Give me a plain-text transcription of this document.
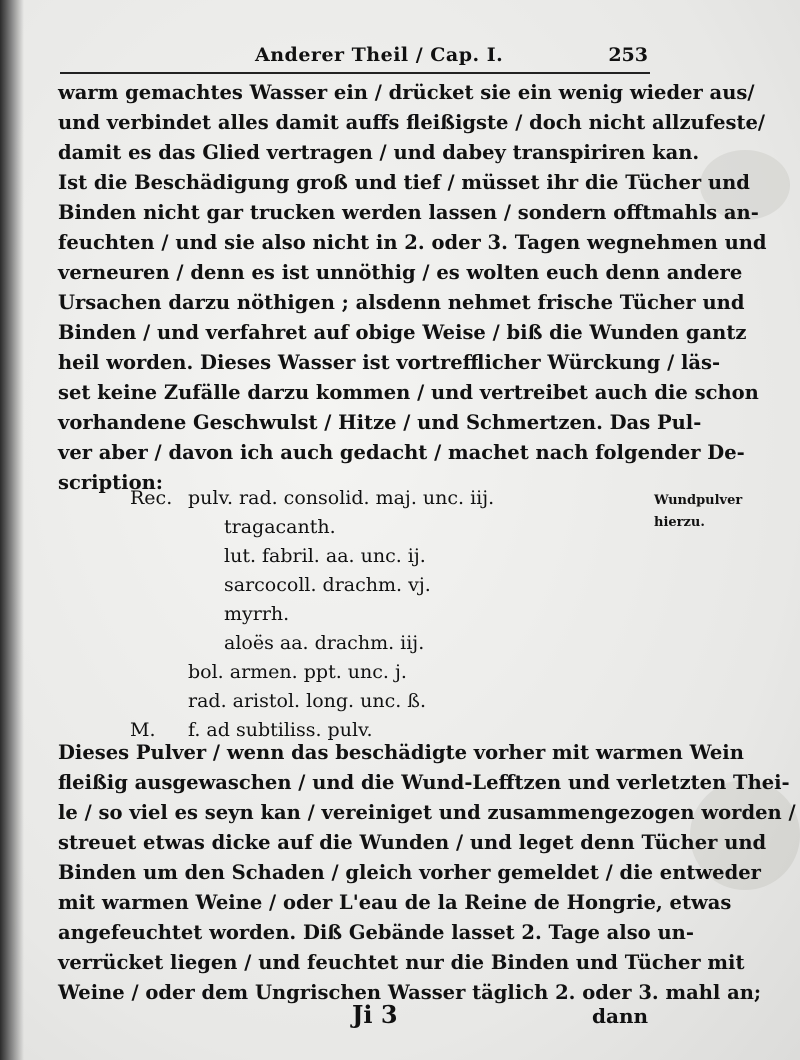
Anderer Theil / Cap. I.	253
warm gemachtes Wasser ein / drücket sie ein wenig wieder aus/
und verbindet alles damit auffs fleißigste / doch nicht allzufeste/
damit es das Glied vertragen / und dabey transpiriren kan.
Ist die Beschädigung groß und tief / müsset ihr die Tücher und
Binden nicht gar trucken werden lassen / sondern offtmahls an-
feuchten / und sie also nicht in 2. oder 3. Tagen wegnehmen und
verneuren / denn es ist unnöthig / es wolten euch denn andere
Ursachen darzu nöthigen ; alsdenn nehmet frische Tücher und
Binden / und verfahret auf obige Weise / biß die Wunden gantz
heil worden. Dieses Wasser ist vortrefflicher Würckung / läs-
set keine Zufälle darzu kommen / und vertreibet auch die schon
vorhandene Geschwulst / Hitze / und Schmertzen. Das Pul-
ver aber / davon ich auch gedacht / machet nach folgender De-
scription:
Rec. pulv. rad. consolid. maj. unc. iij.
tragacanth.
lut. fabril. aa. unc. ij.
sarcocoll. drachm. vj.
myrrh.
aloës aa. drachm. iij.
bol. armen. ppt. unc. j.
rad. aristol. long. unc. ß.
M. f. ad subtiliss. pulv.
Dieses Pulver / wenn das beschädigte vorher mit warmen Wein
fleißig ausgewaschen / und die Wund-Lefftzen und verletzten Thei-
le / so viel es seyn kan / vereiniget und zusammengezogen worden /
streuet etwas dicke auf die Wunden / und leget denn Tücher und
Binden um den Schaden / gleich vorher gemeldet / die entweder
mit warmen Weine / oder L'eau de la Reine de Hongrie, etwas
angefeuchtet worden. Diß Gebände lasset 2. Tage also un-
verrücket liegen / und feuchtet nur die Binden und Tücher mit
Weine / oder dem Ungrischen Wasser täglich 2. oder 3. mahl an;
Wundpulver
hierzu.
Ji 3	dann
